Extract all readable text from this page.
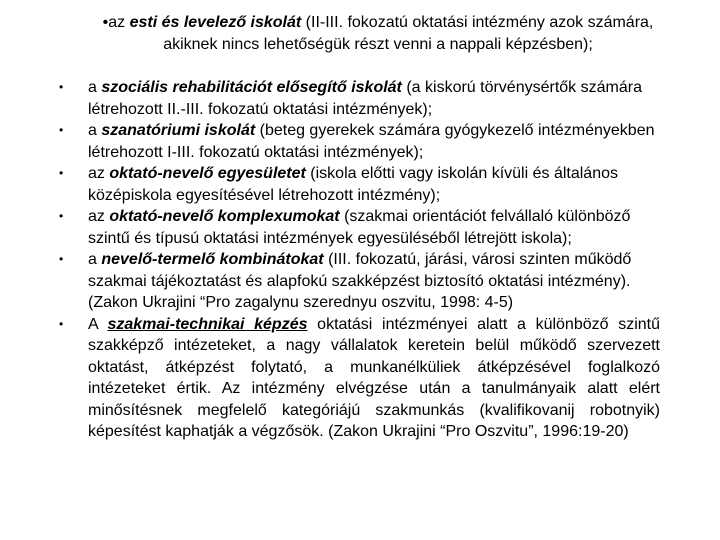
•az esti és levelező iskolát (II-III. fokozatú oktatási intézmény azok számára, akiknek nincs lehetőségük részt venni a nappali képzésben);
• a szociális rehabilitációt elősegítő iskolát (a kiskorú törvénysértők számára létrehozott II.-III. fokozatú oktatási intézmények);
• a szanatóriumi iskolát (beteg gyerekek számára gyógykezelő intézményekben létrehozott I-III. fokozatú oktatási intézmények);
• az oktató-nevelő egyesületet (iskola előtti vagy iskolán kívüli és általános középiskola egyesítésével létrehozott intézmény);
• az oktató-nevelő komplexumokat (szakmai orientációt felvállaló különböző szintű és típusú oktatási intézmények egyesüléséből létrejött iskola);
• a nevelő-termelő kombinátokat (III. fokozatú, járási, városi szinten működő szakmai tájékoztatást és alapfokú szakképzést biztosító oktatási intézmény). (Zakon Ukrajini “Pro zagalynu szerednyu oszvitu, 1998: 4-5)
• A szakmai-technikai képzés oktatási intézményei alatt a különböző szintű szakképző intézeteket, a nagy vállalatok keretein belül működő szervezett oktatást, átképzést folytató, a munkanélküliek átképzésével foglalkozó intézeteket értik. Az intézmény elvégzése után a tanulmányaik alatt elért minősítésnek megfelelő kategóriájú szakmunkás (kvalifikovanij robotnyik) képesítést kaphatják a végzősök. (Zakon Ukrajini “Pro Oszvitu”, 1996:19-20)
